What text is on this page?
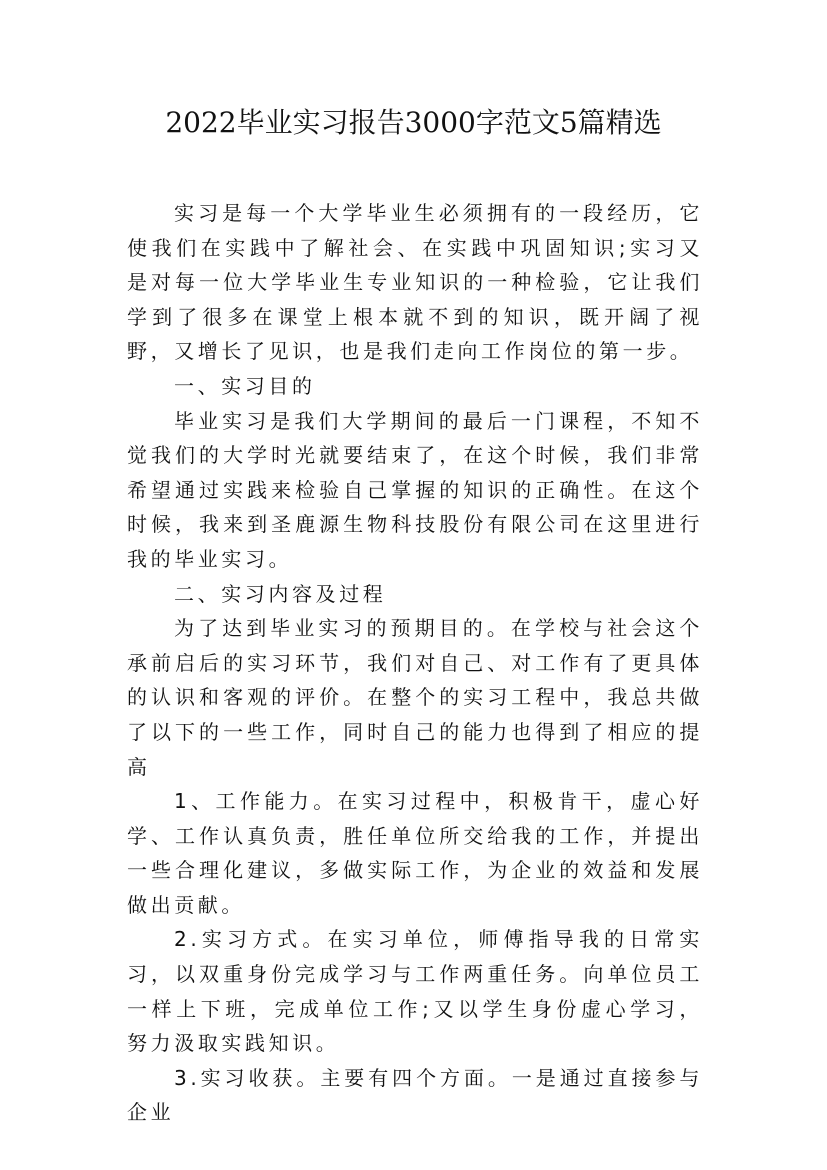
2022毕业实习报告3000字范文5篇精选

实习是每一个大学毕业生必须拥有的一段经历，它使我们在实践中了解社会、在实践中巩固知识;实习又是对每一位大学毕业生专业知识的一种检验，它让我们学到了很多在课堂上根本就不到的知识，既开阔了视野，又增长了见识，也是我们走向工作岗位的第一步。

一、实习目的

毕业实习是我们大学期间的最后一门课程，不知不觉我们的大学时光就要结束了，在这个时候，我们非常希望通过实践来检验自己掌握的知识的正确性。在这个时候，我来到圣鹿源生物科技股份有限公司在这里进行我的毕业实习。

二、实习内容及过程

为了达到毕业实习的预期目的。在学校与社会这个承前启后的实习环节，我们对自己、对工作有了更具体的认识和客观的评价。在整个的实习工程中，我总共做了以下的一些工作，同时自己的能力也得到了相应的提高

1、工作能力。在实习过程中，积极肯干，虚心好学、工作认真负责，胜任单位所交给我的工作，并提出一些合理化建议，多做实际工作，为企业的效益和发展做出贡献。

2.实习方式。在实习单位，师傅指导我的日常实习，以双重身份完成学习与工作两重任务。向单位员工一样上下班，完成单位工作;又以学生身份虚心学习，努力汲取实践知识。

3.实习收获。主要有四个方面。一是通过直接参与企业
